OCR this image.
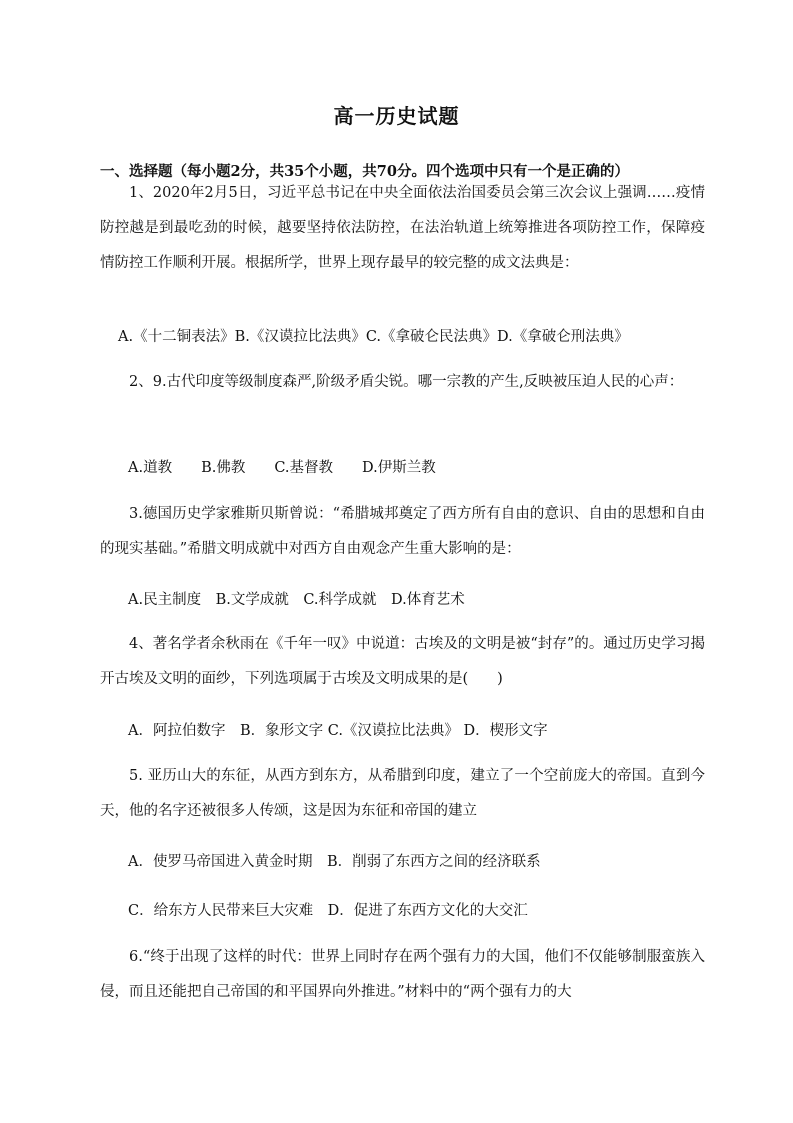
高一历史试题
一、选择题（每小题2分，共35个小题，共70分。四个选项中只有一个是正确的）
1、2020年2月5日，习近平总书记在中央全面依法治国委员会第三次会议上强调……疫情防控越是到最吃劲的时候，越要坚持依法防控，在法治轨道上统筹推进各项防控工作，保障疫情防控工作顺利开展。根据所学，世界上现存最早的较完整的成文法典是：
A.《十二铜表法》B.《汉谟拉比法典》C.《拿破仑民法典》D.《拿破仑刑法典》
2、9.古代印度等级制度森严,阶级矛盾尖锐。哪一宗教的产生,反映被压迫人民的心声：
A.道教　　B.佛教　　C.基督教　　D.伊斯兰教
3.德国历史学家雅斯贝斯曾说：“希腊城邦奠定了西方所有自由的意识、自由的思想和自由的现实基础。”希腊文明成就中对西方自由观念产生重大影响的是：
A.民主制度　B.文学成就　C.科学成就　D.体育艺术
4、著名学者余秋雨在《千年一叹》中说道：古埃及的文明是被“封存”的。通过历史学习揭开古埃及文明的面纱，下列选项属于古埃及文明成果的是(　　)
A．阿拉伯数字　B．象形文字 C.《汉谟拉比法典》 D．楔形文字
5. 亚历山大的东征，从西方到东方，从希腊到印度，建立了一个空前庞大的帝国。直到今天，他的名字还被很多人传颂，这是因为东征和帝国的建立
A．使罗马帝国进入黄金时期　B．削弱了东西方之间的经济联系
C．给东方人民带来巨大灾难　D．促进了东西方文化的大交汇
6.“终于出现了这样的时代：世界上同时存在两个强有力的大国，他们不仅能够制服蛮族入侵，而且还能把自己帝国的和平国界向外推进。”材料中的“两个强有力的大
